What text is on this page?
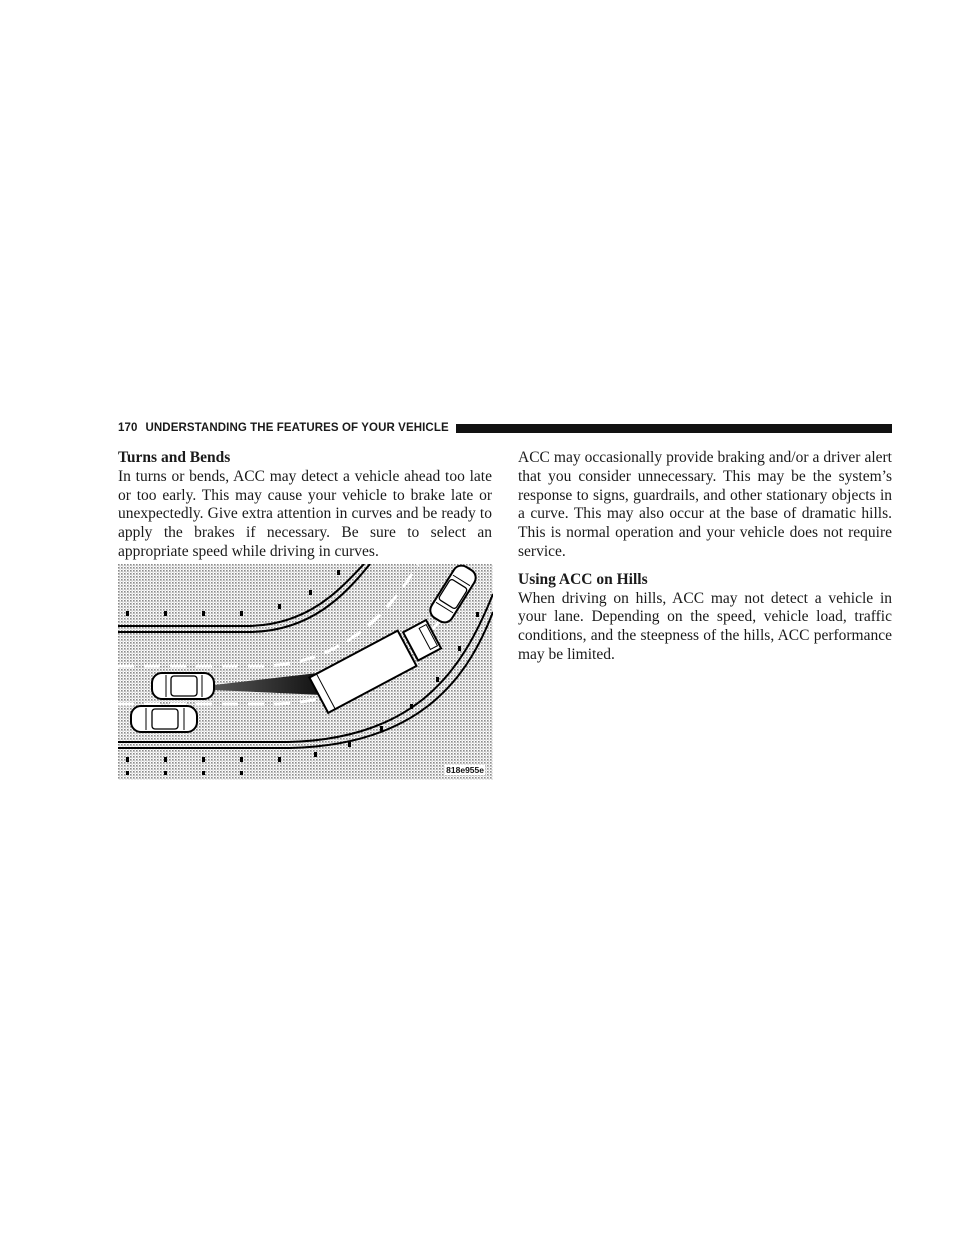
170 UNDERSTANDING THE FEATURES OF YOUR VEHICLE

Turns and Bends

In turns or bends, ACC may detect a vehicle ahead too late or too early. This may cause your vehicle to brake late or unexpectedly. Give extra attention in curves and be ready to apply the brakes if necessary. Be sure to select an appropriate speed while driving in curves.

818e955e

ACC may occasionally provide braking and/or a driver alert that you consider unnecessary. This may be the system’s response to signs, guardrails, and other stationary objects in a curve. This may also occur at the base of dramatic hills. This is normal operation and your vehicle does not require service.

Using ACC on Hills

When driving on hills, ACC may not detect a vehicle in your lane. Depending on the speed, vehicle load, traffic conditions, and the steepness of the hills, ACC performance may be limited.
